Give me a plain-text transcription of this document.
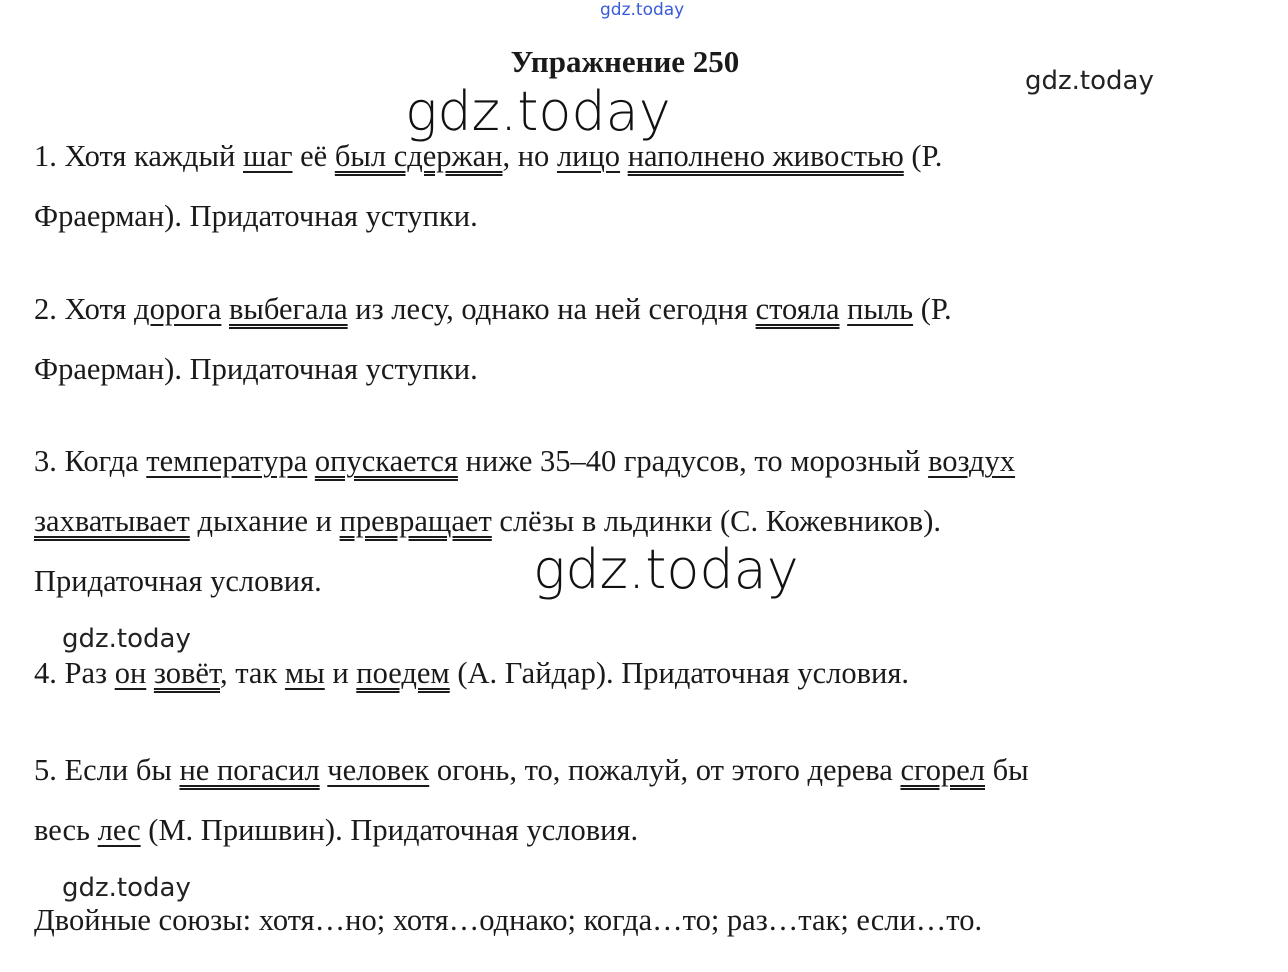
gdz.today
Упражнение 250
gdz.today
gdz.today
1. Хотя каждый шаг её был сдержан, но лицо наполнено живостью (Р.
Фраерман). Придаточная уступки.
2. Хотя дорога выбегала из лесу, однако на ней сегодня стояла пыль (Р.
Фраерман). Придаточная уступки.
3. Когда температура опускается ниже 35–40 градусов, то морозный воздух
захватывает дыхание и превращает слёзы в льдинки (С. Кожевников).
Придаточная условия.	gdz.today
gdz.today
4. Раз он зовёт, так мы и поедем (А. Гайдар). Придаточная условия.
5. Если бы не погасил человек огонь, то, пожалуй, от этого дерева сгорел бы
весь лес (М. Пришвин). Придаточная условия.
gdz.today
Двойные союзы: хотя…но; хотя…однако; когда…то; раз…так; если…то.
